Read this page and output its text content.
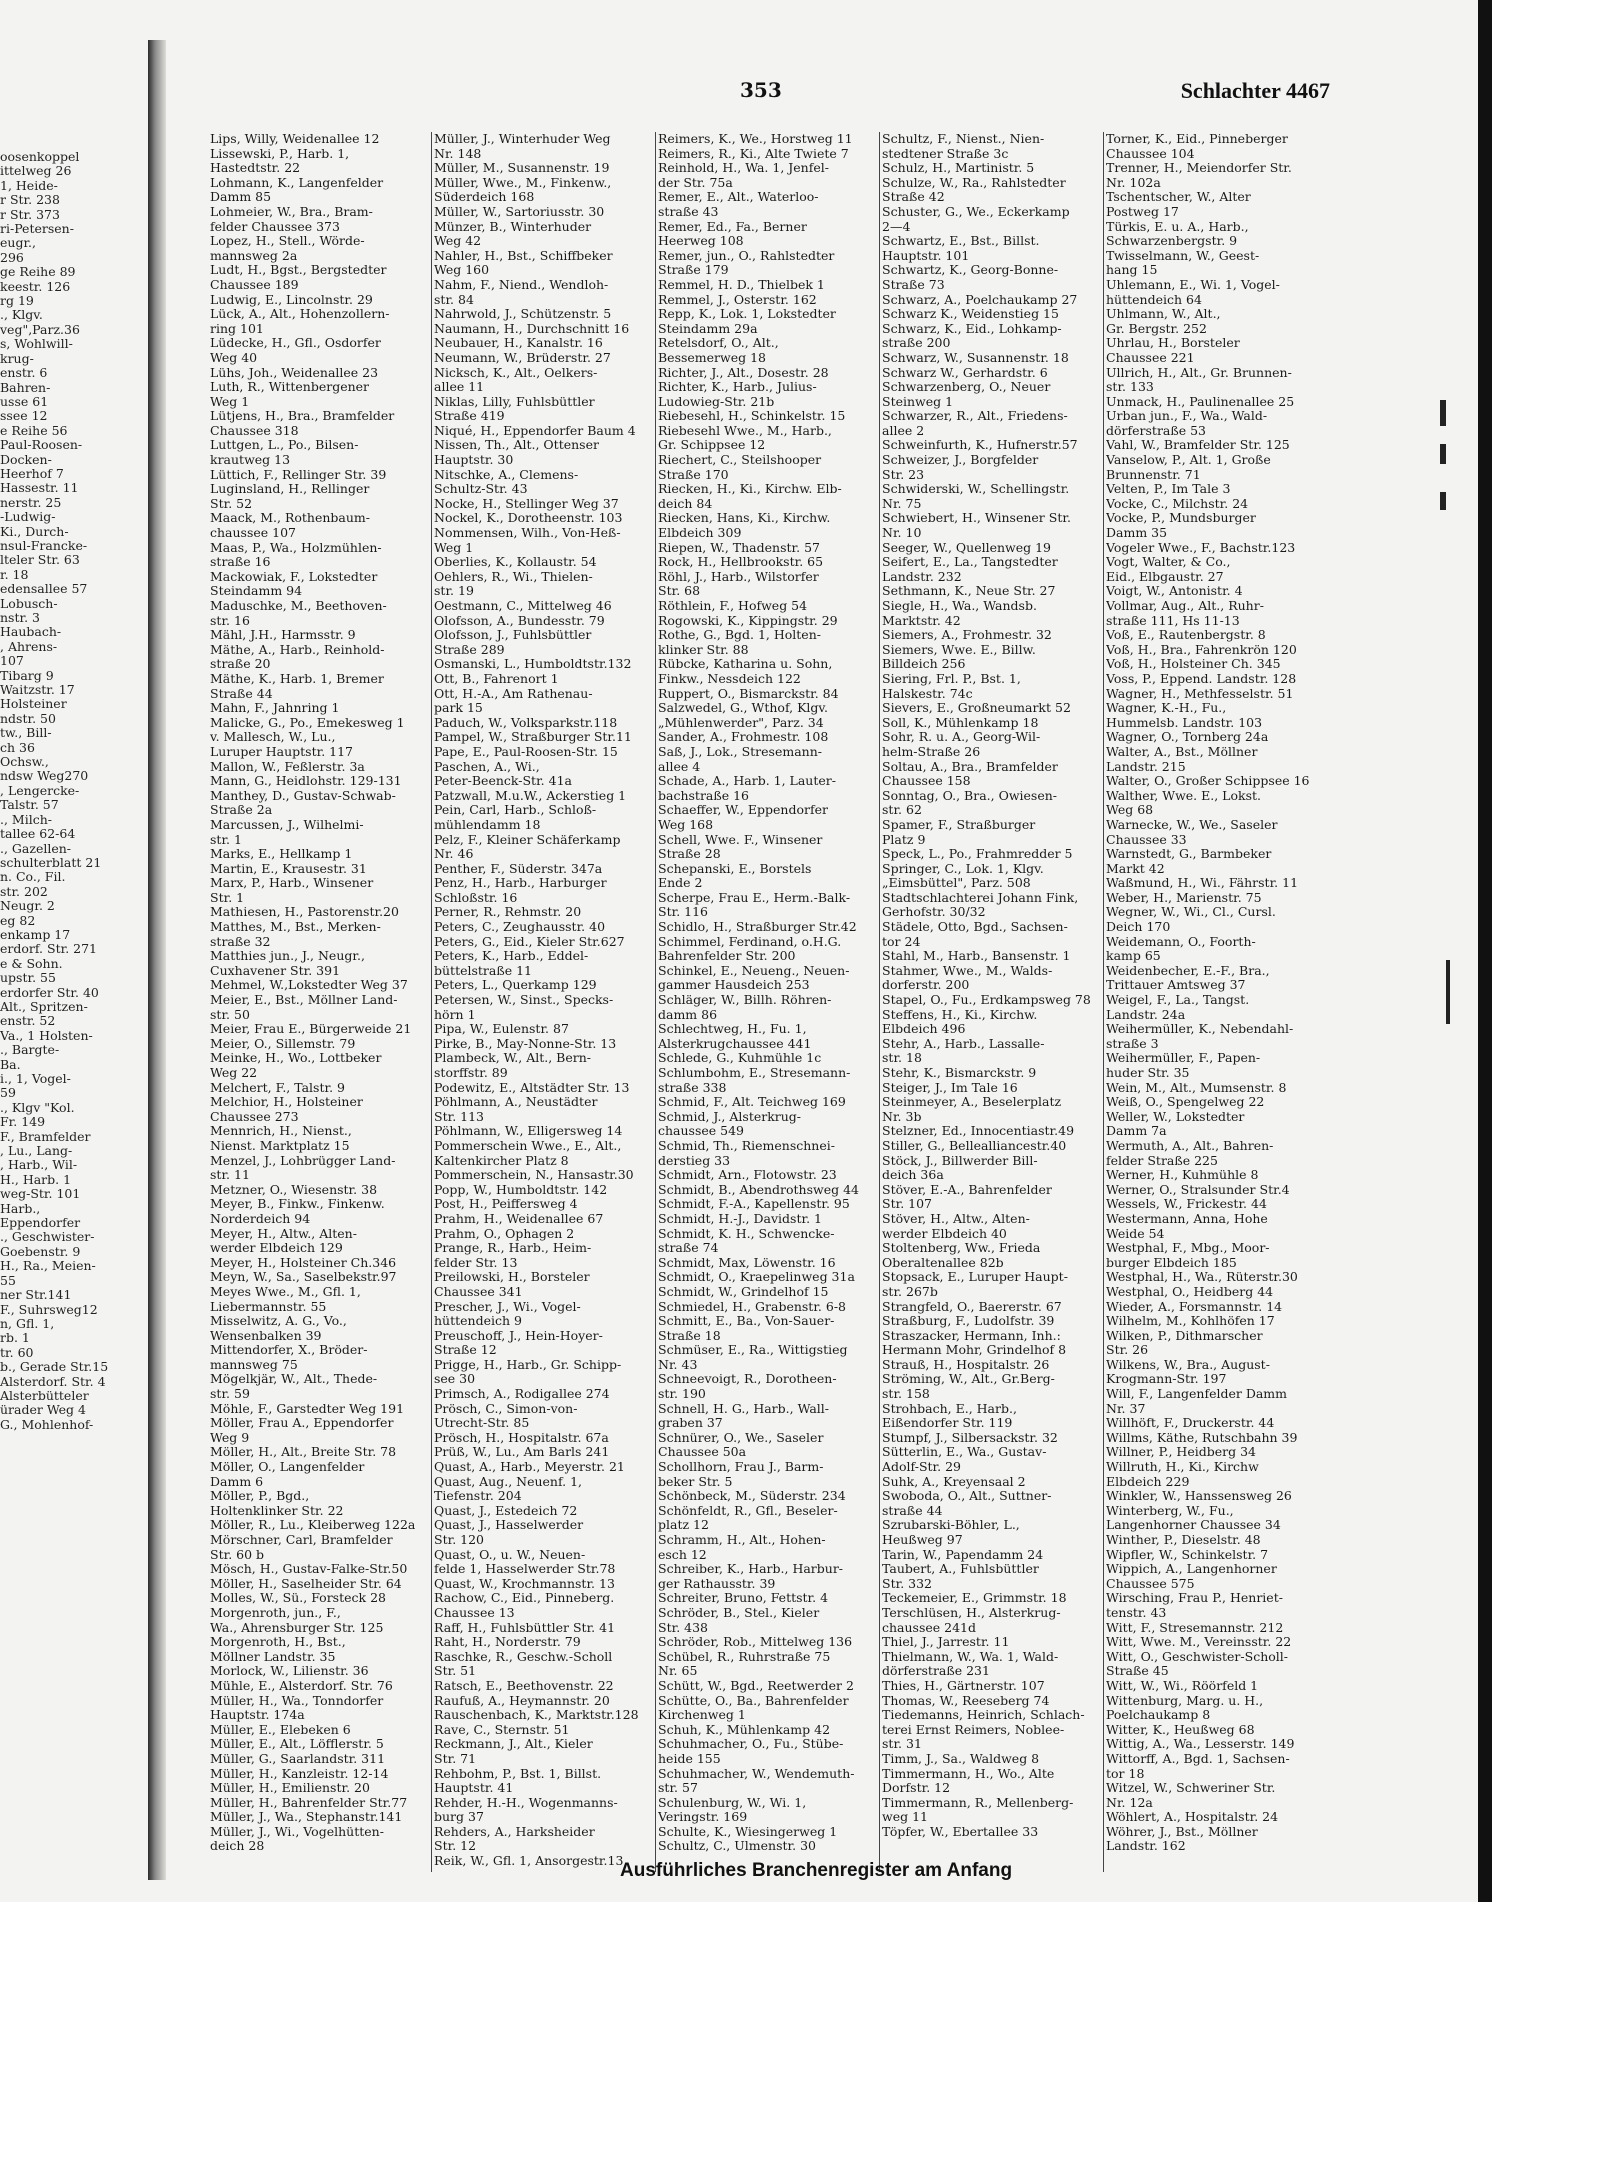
oosenkoppel
ittelweg 26
1, Heide-
r Str. 238
r Str. 373
ri-Petersen-
eugr.,
296
ge Reihe 89
keestr. 126
rg 19
., Klgv.
veg",Parz.36
s, Wohlwill-
krug-
enstr. 6
Bahren-
usse 61
ssee 12
e Reihe 56
Paul-Roosen-
Docken-
Heerhof 7
Hassestr. 11
nerstr. 25
-Ludwig-
Ki., Durch-
nsul-Francke-
lteler Str. 63
r. 18
edensallee 57
Lobusch-
nstr. 3
Haubach-
, Ahrens-
107
Tibarg 9
Waitzstr. 17
Holsteiner
ndstr. 50
tw., Bill-
ch 36
Ochsw.,
ndsw Weg270
, Lengercke-
Talstr. 57
., Milch-
tallee 62-64
., Gazellen-
schulterblatt 21
n. Co., Fil.
str. 202
Neugr. 2
eg 82
enkamp 17
erdorf. Str. 271
e & Sohn.
upstr. 55
erdorfer Str. 40
Alt., Spritzen-
enstr. 52
Va., 1 Holsten-
., Bargte-
Ba.
i., 1, Vogel-
59
., Klgv "Kol.
Fr. 149
F., Bramfelder
, Lu., Lang-
, Harb., Wil-
H., Harb. 1
weg-Str. 101
Harb.,
Eppendorfer
., Geschwister-
Goebenstr. 9
H., Ra., Meien-
55
ner Str.141
F., Suhrsweg12
n, Gfl. 1,
rb. 1
tr. 60
b., Gerade Str.15
Alsterdorf. Str. 4
Alsterbütteler
ürader Weg 4
G., Mohlenhof-
353	Schlachter 4467
Lips, Willy, Weidenallee 12
Lissewski, P., Harb. 1,
Hastedtstr. 22
Lohmann, K., Langenfelder
Damm 85
Lohmeier, W., Bra., Bram-
felder Chaussee 373
Lopez, H., Stell., Wörde-
mannsweg 2a
Ludt, H., Bgst., Bergstedter
Chaussee 189
Ludwig, E., Lincolnstr. 29
Lück, A., Alt., Hohenzollern-
ring 101
Lüdecke, H., Gfl., Osdorfer
Weg 40
Lühs, Joh., Weidenallee 23
Luth, R., Wittenbergener
Weg 1
Lütjens, H., Bra., Bramfelder
Chaussee 318
Luttgen, L., Po., Bilsen-
krautweg 13
Lüttich, F., Rellinger Str. 39
Luginsland, H., Rellinger
Str. 52
Maack, M., Rothenbaum-
chaussee 107
Maas, P., Wa., Holzmühlen-
straße 16
Mackowiak, F., Lokstedter
Steindamm 94
Maduschke, M., Beethoven-
str. 16
Mähl, J.H., Harmsstr. 9
Mäthe, A., Harb., Reinhold-
straße 20
Mäthe, K., Harb. 1, Bremer
Straße 44
Mahn, F., Jahnring 1
Malicke, G., Po., Emekesweg 1
v. Mallesch, W., Lu.,
Luruper Hauptstr. 117
Mallon, W., Feßlerstr. 3a
Mann, G., Heidlohstr. 129-131
Manthey, D., Gustav-Schwab-
Straße 2a
Marcussen, J., Wilhelmi-
str. 1
Marks, E., Hellkamp 1
Martin, E., Krausestr. 31
Marx, P., Harb., Winsener
Str. 1
Mathiesen, H., Pastorenstr.20
Matthes, M., Bst., Merken-
straße 32
Matthies jun., J., Neugr.,
Cuxhavener Str. 391
Mehmel, W.,Lokstedter Weg 37
Meier, E., Bst., Möllner Land-
str. 50
Meier, Frau E., Bürgerweide 21
Meier, O., Sillemstr. 79
Meinke, H., Wo., Lottbeker
Weg 22
Melchert, F., Talstr. 9
Melchior, H., Holsteiner
Chaussee 273
Mennrich, H., Nienst.,
Nienst. Marktplatz 15
Menzel, J., Lohbrügger Land-
str. 11
Metzner, O., Wiesenstr. 38
Meyer, B., Finkw., Finkenw.
Norderdeich 94
Meyer, H., Altw., Alten-
werder Elbdeich 129
Meyer, H., Holsteiner Ch.346
Meyn, W., Sa., Saselbekstr.97
Meyes Wwe., M., Gfl. 1,
Liebermannstr. 55
Misselwitz, A. G., Vo.,
Wensenbalken 39
Mittendorfer, X., Bröder-
mannsweg 75
Mögelkjär, W., Alt., Thede-
str. 59
Möhle, F., Garstedter Weg 191
Möller, Frau A., Eppendorfer
Weg 9
Möller, H., Alt., Breite Str. 78
Möller, O., Langenfelder
Damm 6
Möller, P., Bgd.,
Holtenklinker Str. 22
Möller, R., Lu., Kleiberweg 122a
Mörschner, Carl, Bramfelder
Str. 60 b
Mösch, H., Gustav-Falke-Str.50
Möller, H., Saselheider Str. 64
Molles, W., Sü., Forsteck 28
Morgenroth, jun., F.,
Wa., Ahrensburger Str. 125
Morgenroth, H., Bst.,
Möllner Landstr. 35
Morlock, W., Lilienstr. 36
Mühle, E., Alsterdorf. Str. 76
Müller, H., Wa., Tonndorfer
Hauptstr. 174a
Müller, E., Elebeken 6
Müller, E., Alt., Löfflerstr. 5
Müller, G., Saarlandstr. 311
Müller, H., Kanzleistr. 12-14
Müller, H., Emilienstr. 20
Müller, H., Bahrenfelder Str.77
Müller, J., Wa., Stephanstr.141
Müller, J., Wi., Vogelhütten-
deich 28
Müller, J., Winterhuder Weg
Nr. 148
Müller, M., Susannenstr. 19
Müller, Wwe., M., Finkenw.,
Süderdeich 168
Müller, W., Sartoriusstr. 30
Münzer, B., Winterhuder
Weg 42
Nahler, H., Bst., Schiffbeker
Weg 160
Nahm, F., Niend., Wendloh-
str. 84
Nahrwold, J., Schützenstr. 5
Naumann, H., Durchschnitt 16
Neubauer, H., Kanalstr. 16
Neumann, W., Brüderstr. 27
Nicksch, K., Alt., Oelkers-
allee 11
Niklas, Lilly, Fuhlsbüttler
Straße 419
Niqué, H., Eppendorfer Baum 4
Nissen, Th., Alt., Ottenser
Hauptstr. 30
Nitschke, A., Clemens-
Schultz-Str. 43
Nocke, H., Stellinger Weg 37
Nockel, K., Dorotheenstr. 103
Nommensen, Wilh., Von-Heß-
Weg 1
Oberlies, K., Kollaustr. 54
Oehlers, R., Wi., Thielen-
str. 19
Oestmann, C., Mittelweg 46
Olofsson, A., Bundesstr. 79
Olofsson, J., Fuhlsbüttler
Straße 289
Osmanski, L., Humboldtstr.132
Ott, B., Fahrenort 1
Ott, H.-A., Am Rathenau-
park 15
Paduch, W., Volksparkstr.118
Pampel, W., Straßburger Str.11
Pape, E., Paul-Roosen-Str. 15
Paschen, A., Wi.,
Peter-Beenck-Str. 41a
Patzwall, M.u.W., Ackerstieg 1
Pein, Carl, Harb., Schloß-
mühlendamm 18
Pelz, F., Kleiner Schäferkamp
Nr. 46
Penther, F., Süderstr. 347a
Penz, H., Harb., Harburger
Schloßstr. 16
Perner, R., Rehmstr. 20
Peters, C., Zeughausstr. 40
Peters, G., Eid., Kieler Str.627
Peters, K., Harb., Eddel-
büttelstraße 11
Peters, L., Querkamp 129
Petersen, W., Sinst., Specks-
hörn 1
Pipa, W., Eulenstr. 87
Pirke, B., May-Nonne-Str. 13
Plambeck, W., Alt., Bern-
storffstr. 89
Podewitz, E., Altstädter Str. 13
Pöhlmann, A., Neustädter
Str. 113
Pöhlmann, W., Elligersweg 14
Pommerschein Wwe., E., Alt.,
Kaltenkircher Platz 8
Pommerschein, N., Hansastr.30
Popp, W., Humboldtstr. 142
Post, H., Peiffersweg 4
Prahm, H., Weidenallee 67
Prahm, O., Ophagen 2
Prange, R., Harb., Heim-
felder Str. 13
Preilowski, H., Borsteler
Chaussee 341
Prescher, J., Wi., Vogel-
hüttendeich 9
Preuschoff, J., Hein-Hoyer-
Straße 12
Prigge, H., Harb., Gr. Schipp-
see 30
Primsch, A., Rodigallee 274
Prösch, C., Simon-von-
Utrecht-Str. 85
Prösch, H., Hospitalstr. 67a
Prüß, W., Lu., Am Barls 241
Quast, A., Harb., Meyerstr. 21
Quast, Aug., Neuenf. 1,
Tiefenstr. 204
Quast, J., Estedeich 72
Quast, J., Hasselwerder
Str. 120
Quast, O., u. W., Neuen-
felde 1, Hasselwerder Str.78
Quast, W., Krochmannstr. 13
Rachow, C., Eid., Pinneberg.
Chaussee 13
Raff, H., Fuhlsbüttler Str. 41
Raht, H., Norderstr. 79
Raschke, R., Geschw.-Scholl
Str. 51
Ratsch, E., Beethovenstr. 22
Raufuß, A., Heymannstr. 20
Rauschenbach, K., Marktstr.128
Rave, C., Sternstr. 51
Reckmann, J., Alt., Kieler
Str. 71
Rehbohm, P., Bst. 1, Billst.
Hauptstr. 41
Rehder, H.-H., Wogenmanns-
burg 37
Rehders, A., Harksheider
Str. 12
Reik, W., Gfl. 1, Ansorgestr.13
Reimers, K., We., Horstweg 11
Reimers, R., Ki., Alte Twiete 7
Reinhold, H., Wa. 1, Jenfel-
der Str. 75a
Remer, E., Alt., Waterloo-
straße 43
Remer, Ed., Fa., Berner
Heerweg 108
Remer, jun., O., Rahlstedter
Straße 179
Remmel, H. D., Thielbek 1
Remmel, J., Osterstr. 162
Repp, K., Lok. 1, Lokstedter
Steindamm 29a
Retelsdorf, O., Alt.,
Bessemerweg 18
Richter, J., Alt., Dosestr. 28
Richter, K., Harb., Julius-
Ludowieg-Str. 21b
Riebesehl, H., Schinkelstr. 15
Riebesehl Wwe., M., Harb.,
Gr. Schippsee 12
Riechert, C., Steilshooper
Straße 170
Riecken, H., Ki., Kirchw. Elb-
deich 84
Riecken, Hans, Ki., Kirchw.
Elbdeich 309
Riepen, W., Thadenstr. 57
Rock, H., Hellbrookstr. 65
Röhl, J., Harb., Wilstorfer
Str. 68
Röthlein, F., Hofweg 54
Rogowski, K., Kippingstr. 29
Rothe, G., Bgd. 1, Holten-
klinker Str. 88
Rübcke, Katharina u. Sohn,
Finkw., Nessdeich 122
Ruppert, O., Bismarckstr. 84
Salzwedel, G., Wthof, Klgv.
„Mühlenwerder", Parz. 34
Sander, A., Frohmestr. 108
Saß, J., Lok., Stresemann-
allee 4
Schade, A., Harb. 1, Lauter-
bachstraße 16
Schaeffer, W., Eppendorfer
Weg 168
Schell, Wwe. F., Winsener
Straße 28
Schepanski, E., Borstels
Ende 2
Scherpe, Frau E., Herm.-Balk-
Str. 116
Schidlo, H., Straßburger Str.42
Schimmel, Ferdinand, o.H.G.
Bahrenfelder Str. 200
Schinkel, E., Neueng., Neuen-
gammer Hausdeich 253
Schläger, W., Billh. Röhren-
damm 86
Schlechtweg, H., Fu. 1,
Alsterkrugchaussee 441
Schlede, G., Kuhmühle 1c
Schlumbohm, E., Stresemann-
straße 338
Schmid, F., Alt. Teichweg 169
Schmid, J., Alsterkrug-
chaussee 549
Schmid, Th., Riemenschnei-
derstieg 33
Schmidt, Arn., Flotowstr. 23
Schmidt, B., Abendrothsweg 44
Schmidt, F.-A., Kapellenstr. 95
Schmidt, H.-J., Davidstr. 1
Schmidt, K. H., Schwencke-
straße 74
Schmidt, Max, Löwenstr. 16
Schmidt, O., Kraepelinweg 31a
Schmidt, W., Grindelhof 15
Schmiedel, H., Grabenstr. 6-8
Schmitt, E., Ba., Von-Sauer-
Straße 18
Schmüser, E., Ra., Wittigstieg
Nr. 43
Schneevoigt, R., Dorotheen-
str. 190
Schnell, H. G., Harb., Wall-
graben 37
Schnürer, O., We., Saseler
Chaussee 50a
Schollhorn, Frau J., Barm-
beker Str. 5
Schönbeck, M., Süderstr. 234
Schönfeldt, R., Gfl., Beseler-
platz 12
Schramm, H., Alt., Hohen-
esch 12
Schreiber, K., Harb., Harbur-
ger Rathausstr. 39
Schreiter, Bruno, Fettstr. 4
Schröder, B., Stel., Kieler
Str. 438
Schröder, Rob., Mittelweg 136
Schübel, R., Ruhrstraße 75
Nr. 65
Schütt, W., Bgd., Reetwerder 2
Schütte, O., Ba., Bahrenfelder
Kirchenweg 1
Schuh, K., Mühlenkamp 42
Schuhmacher, O., Fu., Stübe-
heide 155
Schuhmacher, W., Wendemuth-
str. 57
Schulenburg, W., Wi. 1,
Veringstr. 169
Schulte, K., Wiesingerweg 1
Schultz, C., Ulmenstr. 30
Schultz, F., Nienst., Nien-
stedtener Straße 3c
Schulz, H., Martinistr. 5
Schulze, W., Ra., Rahlstedter
Straße 42
Schuster, G., We., Eckerkamp
2—4
Schwartz, E., Bst., Billst.
Hauptstr. 101
Schwartz, K., Georg-Bonne-
Straße 73
Schwarz, A., Poelchaukamp 27
Schwarz K., Weidenstieg 15
Schwarz, K., Eid., Lohkamp-
straße 200
Schwarz, W., Susannenstr. 18
Schwarz W., Gerhardstr. 6
Schwarzenberg, O., Neuer
Steinweg 1
Schwarzer, R., Alt., Friedens-
allee 2
Schweinfurth, K., Hufnerstr.57
Schweizer, J., Borgfelder
Str. 23
Schwiderski, W., Schellingstr.
Nr. 75
Schwiebert, H., Winsener Str.
Nr. 10
Seeger, W., Quellenweg 19
Seifert, E., La., Tangstedter
Landstr. 232
Sethmann, K., Neue Str. 27
Siegle, H., Wa., Wandsb.
Marktstr. 42
Siemers, A., Frohmestr. 32
Siemers, Wwe. E., Billw.
Billdeich 256
Siering, Frl. P., Bst. 1,
Halskestr. 74c
Sievers, E., Großneumarkt 52
Soll, K., Mühlenkamp 18
Sohr, R. u. A., Georg-Wil-
helm-Straße 26
Soltau, A., Bra., Bramfelder
Chaussee 158
Sonntag, O., Bra., Owiesen-
str. 62
Spamer, F., Straßburger
Platz 9
Speck, L., Po., Frahmredder 5
Springer, C., Lok. 1, Klgv.
„Eimsbüttel", Parz. 508
Stadtschlachterei Johann Fink,
Gerhofstr. 30/32
Städele, Otto, Bgd., Sachsen-
tor 24
Stahl, M., Harb., Bansenstr. 1
Stahmer, Wwe., M., Walds-
dorferstr. 200
Stapel, O., Fu., Erdkampsweg 78
Steffens, H., Ki., Kirchw.
Elbdeich 496
Stehr, A., Harb., Lassalle-
str. 18
Stehr, K., Bismarckstr. 9
Steiger, J., Im Tale 16
Steinmeyer, A., Beselerplatz
Nr. 3b
Stelzner, Ed., Innocentiastr.49
Stiller, G., Bellealliancestr.40
Stöck, J., Billwerder Bill-
deich 36a
Stöver, E.-A., Bahrenfelder
Str. 107
Stöver, H., Altw., Alten-
werder Elbdeich 40
Stoltenberg, Ww., Frieda
Oberaltenallee 82b
Stopsack, E., Luruper Haupt-
str. 267b
Strangfeld, O., Baererstr. 67
Straßburg, F., Ludolfstr. 39
Straszacker, Hermann, Inh.:
Hermann Mohr, Grindelhof 8
Strauß, H., Hospitalstr. 26
Ströming, W., Alt., Gr.Berg-
str. 158
Strohbach, E., Harb.,
Eißendorfer Str. 119
Stumpf, J., Silbersackstr. 32
Sütterlin, E., Wa., Gustav-
Adolf-Str. 29
Suhk, A., Kreyensaal 2
Swoboda, O., Alt., Suttner-
straße 44
Szrubarski-Böhler, L.,
Heußweg 97
Tarin, W., Papendamm 24
Taubert, A., Fuhlsbüttler
Str. 332
Teckemeier, E., Grimmstr. 18
Terschlüsen, H., Alsterkrug-
chaussee 241d
Thiel, J., Jarrestr. 11
Thielmann, W., Wa. 1, Wald-
dörferstraße 231
Thies, H., Gärtnerstr. 107
Thomas, W., Reeseberg 74
Tiedemanns, Heinrich, Schlach-
terei Ernst Reimers, Noblee-
str. 31
Timm, J., Sa., Waldweg 8
Timmermann, H., Wo., Alte
Dorfstr. 12
Timmermann, R., Mellenberg-
weg 11
Töpfer, W., Ebertallee 33
Torner, K., Eid., Pinneberger
Chaussee 104
Trenner, H., Meiendorfer Str.
Nr. 102a
Tschentscher, W., Alter
Postweg 17
Türkis, E. u. A., Harb.,
Schwarzenbergstr. 9
Twisselmann, W., Geest-
hang 15
Uhlemann, E., Wi. 1, Vogel-
hüttendeich 64
Uhlmann, W., Alt.,
Gr. Bergstr. 252
Uhrlau, H., Borsteler
Chaussee 221
Ullrich, H., Alt., Gr. Brunnen-
str. 133
Unmack, H., Paulinenallee 25
Urban jun., F., Wa., Wald-
dörferstraße 53
Vahl, W., Bramfelder Str. 125
Vanselow, P., Alt. 1, Große
Brunnenstr. 71
Velten, P., Im Tale 3
Vocke, C., Milchstr. 24
Vocke, P., Mundsburger
Damm 35
Vogeler Wwe., F., Bachstr.123
Vogt, Walter, & Co.,
Eid., Elbgaustr. 27
Voigt, W., Antonistr. 4
Vollmar, Aug., Alt., Ruhr-
straße 111, Hs 11-13
Voß, E., Rautenbergstr. 8
Voß, H., Bra., Fahrenkrön 120
Voß, H., Holsteiner Ch. 345
Voss, P., Eppend. Landstr. 128
Wagner, H., Methfesselstr. 51
Wagner, K.-H., Fu.,
Hummelsb. Landstr. 103
Wagner, O., Tornberg 24a
Walter, A., Bst., Möllner
Landstr. 215
Walter, O., Großer Schippsee 16
Walther, Wwe. E., Lokst.
Weg 68
Warnecke, W., We., Saseler
Chaussee 33
Warnstedt, G., Barmbeker
Markt 42
Waßmund, H., Wi., Fährstr. 11
Weber, H., Marienstr. 75
Wegner, W., Wi., Cl., Cursl.
Deich 170
Weidemann, O., Foorth-
kamp 65
Weidenbecher, E.-F., Bra.,
Trittauer Amtsweg 37
Weigel, F., La., Tangst.
Landstr. 24a
Weihermüller, K., Nebendahl-
straße 3
Weihermüller, F., Papen-
huder Str. 35
Wein, M., Alt., Mumsenstr. 8
Weiß, O., Spengelweg 22
Weller, W., Lokstedter
Damm 7a
Wermuth, A., Alt., Bahren-
felder Straße 225
Werner, H., Kuhmühle 8
Werner, O., Stralsunder Str.4
Wessels, W., Frickestr. 44
Westermann, Anna, Hohe
Weide 54
Westphal, F., Mbg., Moor-
burger Elbdeich 185
Westphal, H., Wa., Rüterstr.30
Westphal, O., Heidberg 44
Wieder, A., Forsmannstr. 14
Wilhelm, M., Kohlhöfen 17
Wilken, P., Dithmarscher
Str. 26
Wilkens, W., Bra., August-
Krogmann-Str. 197
Will, F., Langenfelder Damm
Nr. 37
Willhöft, F., Druckerstr. 44
Willms, Käthe, Rutschbahn 39
Willner, P., Heidberg 34
Willruth, H., Ki., Kirchw
Elbdeich 229
Winkler, W., Hanssensweg 26
Winterberg, W., Fu.,
Langenhorner Chaussee 34
Winther, P., Dieselstr. 48
Wipfler, W., Schinkelstr. 7
Wippich, A., Langenhorner
Chaussee 575
Wirsching, Frau P., Henriet-
tenstr. 43
Witt, F., Stresemannstr. 212
Witt, Wwe. M., Vereinsstr. 22
Witt, O., Geschwister-Scholl-
Straße 45
Witt, W., Wi., Röörfeld 1
Wittenburg, Marg. u. H.,
Poelchaukamp 8
Witter, K., Heußweg 68
Wittig, A., Wa., Lesserstr. 149
Wittorff, A., Bgd. 1, Sachsen-
tor 18
Witzel, W., Schweriner Str.
Nr. 12a
Wöhlert, A., Hospitalstr. 24
Wöhrer, J., Bst., Möllner
Landstr. 162
Ausführliches Branchenregister am Anfang
